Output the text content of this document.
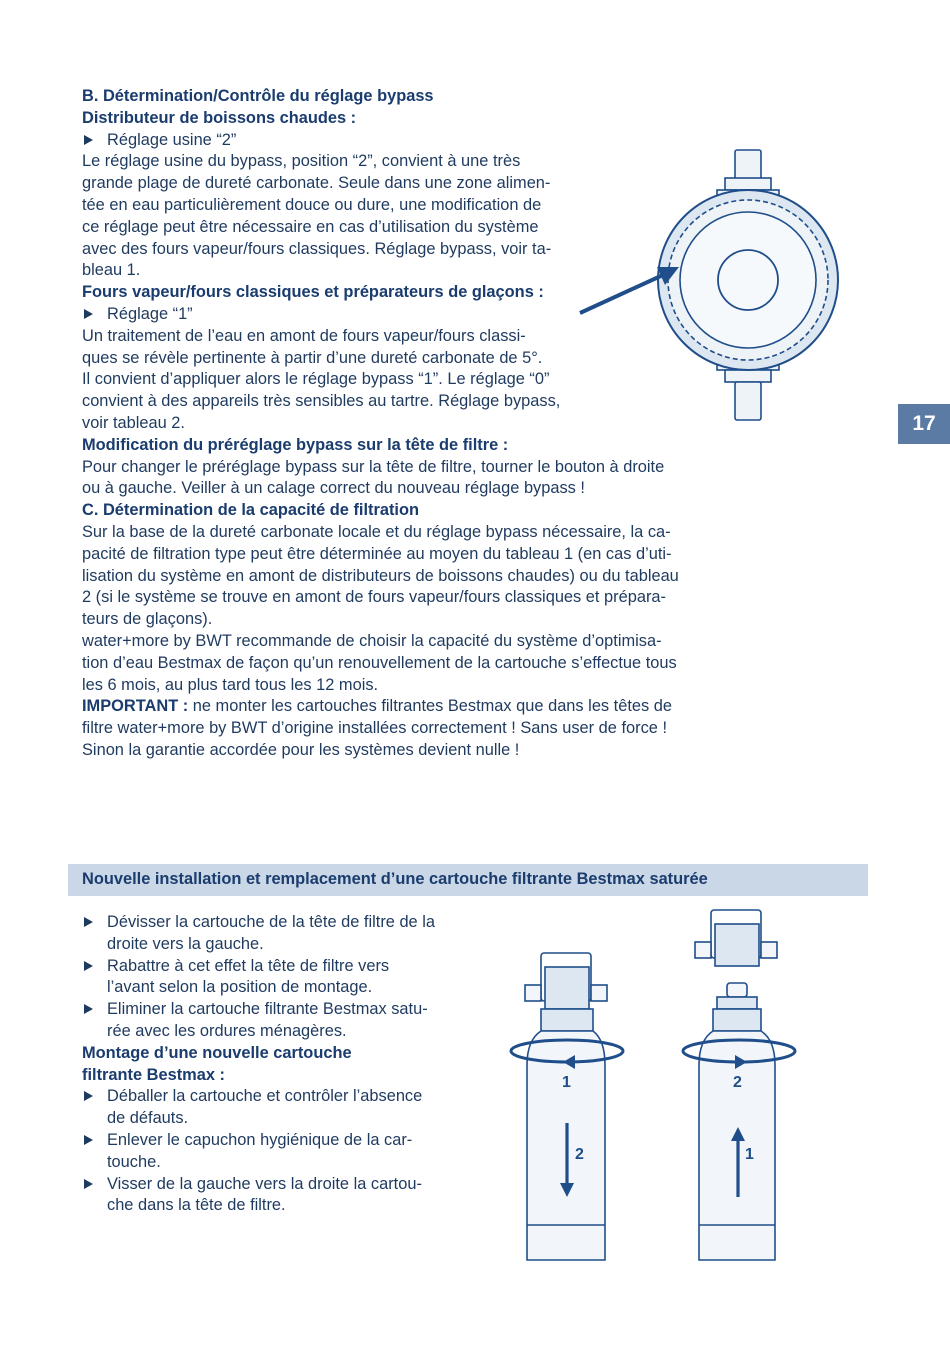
B. Détermination/Contrôle du réglage bypass
Distributeur de boissons chaudes :
Réglage usine “2”
Le réglage usine du bypass, position “2”, convient à une très
grande plage de dureté carbonate. Seule dans une zone alimen-
tée en eau particulièrement douce ou dure, une modification de
ce réglage peut être nécessaire en cas d’utilisation du système
avec des fours vapeur/fours classiques. Réglage bypass, voir ta-
bleau 1.
Fours vapeur/fours classiques et préparateurs de glaçons :
Réglage “1”
Un traitement de l’eau en amont de fours vapeur/fours classi-
ques se révèle pertinente à partir d’une dureté carbonate de 5°.
Il convient d’appliquer alors le réglage bypass “1”. Le réglage “0”
convient à des appareils très sensibles au tartre. Réglage bypass,
voir tableau 2.
Modification du préréglage bypass sur la tête de filtre :
Pour changer le préréglage bypass sur la tête de filtre, tourner le bouton à droite
ou à gauche. Veiller à un calage correct du nouveau réglage bypass !
C. Détermination de la capacité de filtration
Sur la base de la dureté carbonate locale et du réglage bypass nécessaire, la ca-
pacité de filtration type peut être déterminée au moyen du tableau 1 (en cas d’uti-
lisation du système en amont de distributeurs de boissons chaudes) ou du tableau
2 (si le système se trouve en amont de fours vapeur/fours classiques et prépara-
teurs de glaçons).
water+more by BWT recommande de choisir la capacité du système d’optimisa-
tion d’eau Bestmax de façon qu’un renouvellement de la cartouche s’effectue tous
les 6 mois, au plus tard tous les 12 mois.
IMPORTANT : ne monter les cartouches filtrantes Bestmax que dans les têtes de
filtre water+more by BWT d’origine installées correctement ! Sans user de force !
Sinon la garantie accordée pour les systèmes devient nulle !
17
Nouvelle installation et remplacement d’une cartouche filtrante Bestmax saturée
Dévisser la cartouche de la tête de filtre de la
droite vers la gauche.
Rabattre à cet effet la tête de filtre vers
l’avant selon la position de montage.
Eliminer la cartouche filtrante Bestmax satu-
rée avec les ordures ménagères.
Montage d’une nouvelle cartouche
filtrante Bestmax :
Déballer la cartouche et contrôler l’absence
de défauts.
Enlever le capuchon hygiénique de la car-
touche.
Visser de la gauche vers la droite la cartou-
che dans la tête de filtre.
1
2
2
1
